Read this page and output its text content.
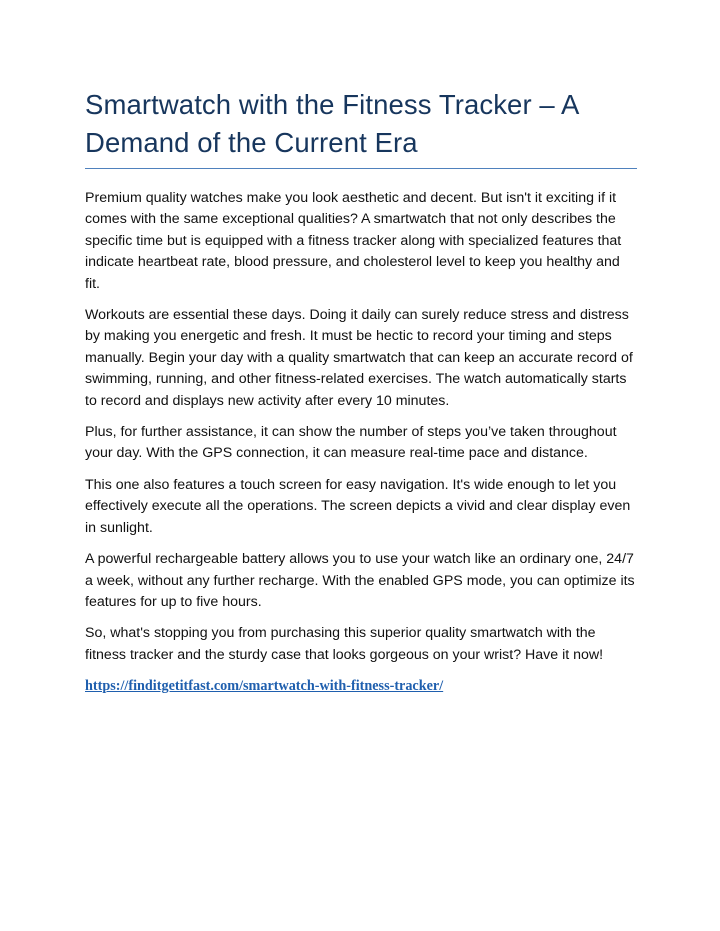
Smartwatch with the Fitness Tracker – A Demand of the Current Era

Premium quality watches make you look aesthetic and decent. But isn't it exciting if it comes with the same exceptional qualities? A smartwatch that not only describes the specific time but is equipped with a fitness tracker along with specialized features that indicate heartbeat rate, blood pressure, and cholesterol level to keep you healthy and fit.

Workouts are essential these days. Doing it daily can surely reduce stress and distress by making you energetic and fresh. It must be hectic to record your timing and steps manually. Begin your day with a quality smartwatch that can keep an accurate record of swimming, running, and other fitness-related exercises. The watch automatically starts to record and displays new activity after every 10 minutes.

Plus, for further assistance, it can show the number of steps you’ve taken throughout your day. With the GPS connection, it can measure real-time pace and distance.

This one also features a touch screen for easy navigation. It's wide enough to let you effectively execute all the operations. The screen depicts a vivid and clear display even in sunlight.

A powerful rechargeable battery allows you to use your watch like an ordinary one, 24/7 a week, without any further recharge. With the enabled GPS mode, you can optimize its features for up to five hours.

So, what's stopping you from purchasing this superior quality smartwatch with the fitness tracker and the sturdy case that looks gorgeous on your wrist? Have it now!

https://finditgetitfast.com/smartwatch-with-fitness-tracker/
